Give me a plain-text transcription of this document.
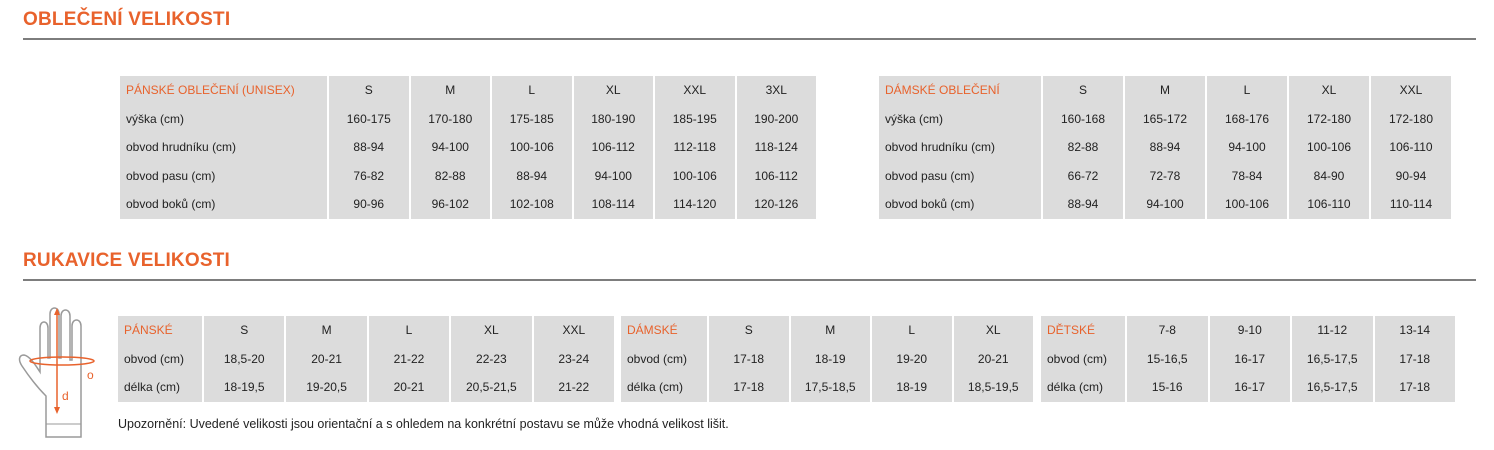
OBLEČENÍ VELIKOSTI
PÁNSKÉ OBLEČENÍ (UNISEX)	S	M	L	XL	XXL	3XL
výška (cm)	160-175	170-180	175-185	180-190	185-195	190-200
obvod hrudníku (cm)	88-94	94-100	100-106	106-112	112-118	118-124
obvod pasu (cm)	76-82	82-88	88-94	94-100	100-106	106-112
obvod boků (cm)	90-96	96-102	102-108	108-114	114-120	120-126
DÁMSKÉ OBLEČENÍ	S	M	L	XL	XXL
výška (cm)	160-168	165-172	168-176	172-180	172-180
obvod hrudníku (cm)	82-88	88-94	94-100	100-106	106-110
obvod pasu (cm)	66-72	72-78	78-84	84-90	90-94
obvod boků (cm)	88-94	94-100	100-106	106-110	110-114
RUKAVICE VELIKOSTI
o
d
PÁNSKÉ	S	M	L	XL	XXL
obvod (cm)	18,5-20	20-21	21-22	22-23	23-24
délka (cm)	18-19,5	19-20,5	20-21	20,5-21,5	21-22
DÁMSKÉ	S	M	L	XL
obvod (cm)	17-18	18-19	19-20	20-21
délka (cm)	17-18	17,5-18,5	18-19	18,5-19,5
DĚTSKÉ	7-8	9-10	11-12	13-14
obvod (cm)	15-16,5	16-17	16,5-17,5	17-18
délka (cm)	15-16	16-17	16,5-17,5	17-18
Upozornění: Uvedené velikosti jsou orientační a s ohledem na konkrétní postavu se může vhodná velikost lišit.
